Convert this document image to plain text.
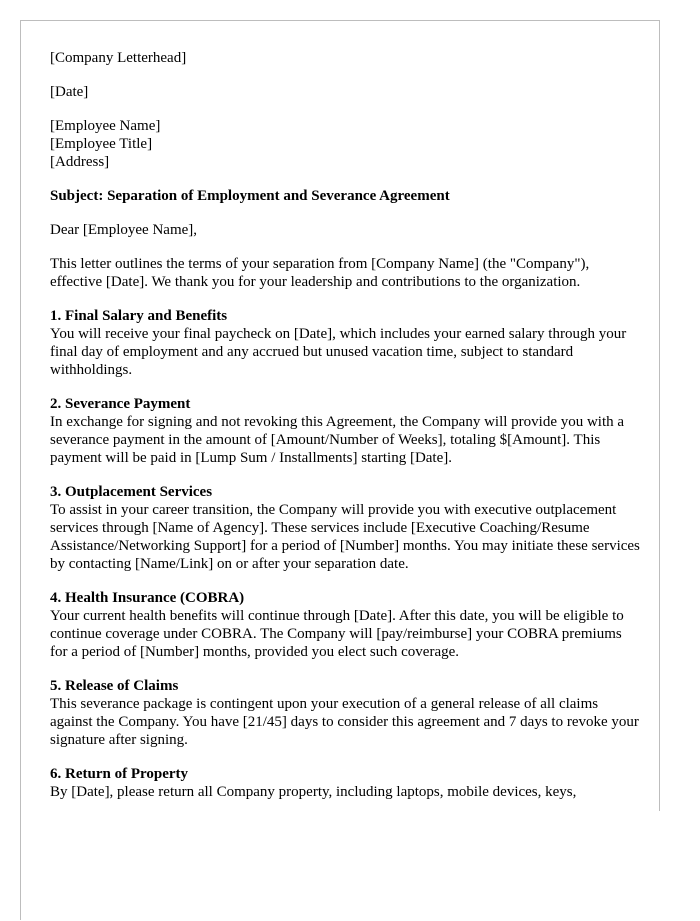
[Company Letterhead]
[Date]
[Employee Name]
[Employee Title]
[Address]
Subject: Separation of Employment and Severance Agreement
Dear [Employee Name],
This letter outlines the terms of your separation from [Company Name] (the "Company"), effective [Date]. We thank you for your leadership and contributions to the organization.
1. Final Salary and Benefits
You will receive your final paycheck on [Date], which includes your earned salary through your final day of employment and any accrued but unused vacation time, subject to standard withholdings.
2. Severance Payment
In exchange for signing and not revoking this Agreement, the Company will provide you with a severance payment in the amount of [Amount/Number of Weeks], totaling $[Amount]. This payment will be paid in [Lump Sum / Installments] starting [Date].
3. Outplacement Services
To assist in your career transition, the Company will provide you with executive outplacement services through [Name of Agency]. These services include [Executive Coaching/Resume Assistance/Networking Support] for a period of [Number] months. You may initiate these services by contacting [Name/Link] on or after your separation date.
4. Health Insurance (COBRA)
Your current health benefits will continue through [Date]. After this date, you will be eligible to continue coverage under COBRA. The Company will [pay/reimburse] your COBRA premiums for a period of [Number] months, provided you elect such coverage.
5. Release of Claims
This severance package is contingent upon your execution of a general release of all claims against the Company. You have [21/45] days to consider this agreement and 7 days to revoke your signature after signing.
6. Return of Property
By [Date], please return all Company property, including laptops, mobile devices, keys,
